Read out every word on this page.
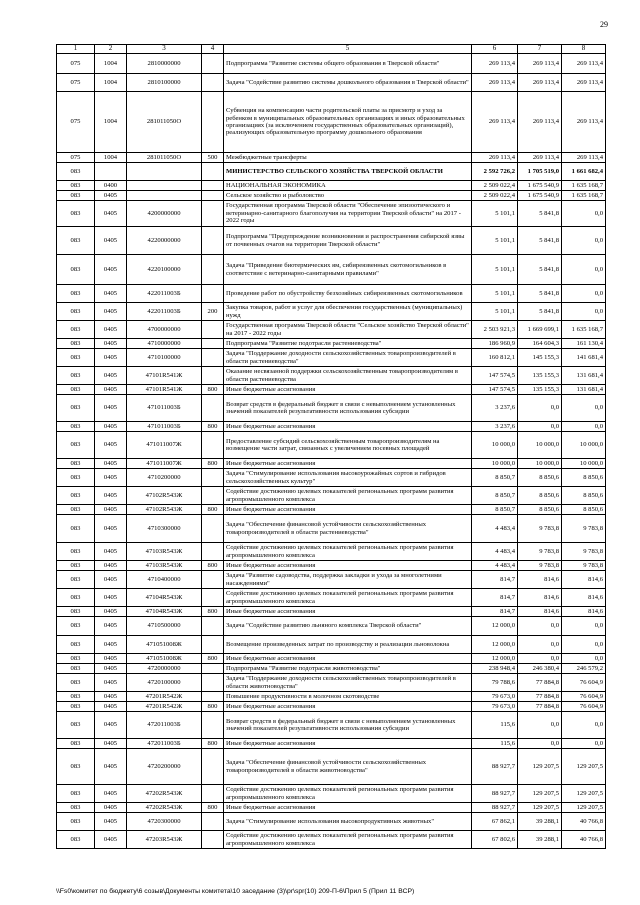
29
1	2	3	4	5	6	7	8
075	1004	2810000000		Подпрограмма "Развитие системы общего образования в Тверской области"	269 113,4	269 113,4	269 113,4
075	1004	2810100000		Задача "Содействие развитию системы дошкольного образования в Тверской области"	269 113,4	269 113,4	269 113,4
075	1004	281011050О		Субвенция на компенсацию части родительской платы за присмотр и уход за ребенком в муниципальных образовательных организациях и иных образовательных организациях (за исключением государственных образовательных организаций), реализующих образовательную программу дошкольного образования	269 113,4	269 113,4	269 113,4
075	1004	281011050О	500	Межбюджетные трансферты	269 113,4	269 113,4	269 113,4
083				МИНИСТЕРСТВО СЕЛЬСКОГО ХОЗЯЙСТВА ТВЕРСКОЙ ОБЛАСТИ	2 592 726,2	1 705 519,0	1 661 682,4
083	0400			НАЦИОНАЛЬНАЯ ЭКОНОМИКА	2 509 022,4	1 675 540,9	1 635 168,7
083	0405			Сельское хозяйство и рыболовство	2 509 022,4	1 675 540,9	1 635 168,7
083	0405	4200000000		Государственная программа Тверской области "Обеспечение эпизоотического и ветеринарно-санитарного благополучия на территории Тверской области" на 2017 - 2022 годы	5 101,1	5 841,8	0,0
083	0405	4220000000		Подпрограмма "Предупреждение возникновения и распространения сибирской язвы от почвенных очагов на территории Тверской области"	5 101,1	5 841,8	0,0
083	0405	4220100000		Задача "Приведение биотермических ям, сибиреязвенных скотомогильников в соответствие с ветеринарно-санитарными правилами"	5 101,1	5 841,8	0,0
083	0405	422011003Б		Проведение работ по обустройству безхозяйных сибиреязвенных скотомогильников	5 101,1	5 841,8	0,0
083	0405	422011003Б	200	Закупка товаров, работ и услуг для обеспечения государственных (муниципальных) нужд	5 101,1	5 841,8	0,0
083	0405	4700000000		Государственная программа Тверской области "Сельское хозяйство Тверской области" на 2017 - 2022 годы	2 503 921,3	1 669 699,1	1 635 168,7
083	0405	4710000000		Подпрограмма "Развитие подотрасли растениеводства"	186 960,9	164 604,3	161 130,4
083	0405	4710100000		Задача "Поддержание доходности сельскохозяйственных товаропроизводителей в области растениеводства"	160 812,1	145 155,3	141 681,4
083	0405	47101R541Ж		Оказание несвязанной поддержки сельскохозяйственным товаропроизводителям в области растениеводства	147 574,5	135 155,3	131 681,4
083	0405	47101R541Ж	800	Иные бюджетные ассигнования	147 574,5	135 155,3	131 681,4
083	0405	471011003Б		Возврат средств в федеральный бюджет в связи с невыполнением установленных значений показателей результативности использования субсидии	3 237,6	0,0	0,0
083	0405	471011003Б	800	Иные бюджетные ассигнования	3 237,6	0,0	0,0
083	0405	471011007Ж		Предоставление субсидий сельскохозяйственным товаропроизводителям на возмещение части затрат, связанных с увеличением посевных площадей	10 000,0	10 000,0	10 000,0
083	0405	471011007Ж	800	Иные бюджетные ассигнования	10 000,0	10 000,0	10 000,0
083	0405	4710200000		Задача "Стимулирование использования высокоурожайных сортов и гибридов сельскохозяйственных культур"	8 850,7	8 850,6	8 850,6
083	0405	47102R543Ж		Содействие достижению целевых показателей региональных программ развития агропромышленного комплекса	8 850,7	8 850,6	8 850,6
083	0405	47102R543Ж	800	Иные бюджетные ассигнования	8 850,7	8 850,6	8 850,6
083	0405	4710300000		Задача "Обеспечение финансовой устойчивости сельскохозяйственных товаропроизводителей в области растениеводства"	4 483,4	9 783,8	9 783,8
083	0405	47103R543Ж		Содействие достижению целевых показателей региональных программ развития агропромышленного комплекса	4 483,4	9 783,8	9 783,8
083	0405	47103R543Ж	800	Иные бюджетные ассигнования	4 483,4	9 783,8	9 783,8
083	0405	4710400000		Задача "Развитие садоводства, поддержка закладки и ухода за многолетними насаждениями"	814,7	814,6	814,6
083	0405	47104R543Ж		Содействие достижению целевых показателей региональных программ развития агропромышленного комплекса	814,7	814,6	814,6
083	0405	47104R543Ж	800	Иные бюджетные ассигнования	814,7	814,6	814,6
083	0405	4710500000		Задача "Содействие развитию льняного комплекса Тверской области"	12 000,0	0,0	0,0
083	0405	471051008Ж		Возмещение произведенных затрат по производству и реализации льноволокна	12 000,0	0,0	0,0
083	0405	471051008Ж	800	Иные бюджетные ассигнования	12 000,0	0,0	0,0
083	0405	4720000000		Подпрограмма "Развитие подотрасли животноводства"	238 948,4	246 380,4	246 579,2
083	0405	4720100000		Задача "Поддержание доходности сельскохозяйственных товаропроизводителей в области животноводства"	79 788,6	77 884,8	76 604,9
083	0405	47201R542Ж		Повышение продуктивности в молочном скотоводстве	79 673,0	77 884,8	76 604,9
083	0405	47201R542Ж	800	Иные бюджетные ассигнования	79 673,0	77 884,8	76 604,9
083	0405	472011003Б		Возврат средств в федеральный бюджет в связи с невыполнением установленных значений показателей результативности использования субсидии	115,6	0,0	0,0
083	0405	472011003Б	800	Иные бюджетные ассигнования	115,6	0,0	0,0
083	0405	4720200000		Задача "Обеспечение финансовой устойчивости сельскохозяйственных товаропроизводителей в области животноводства"	88 927,7	129 207,5	129 207,5
083	0405	47202R543Ж		Содействие достижению целевых показателей региональных программ развития агропромышленного комплекса	88 927,7	129 207,5	129 207,5
083	0405	47202R543Ж	800	Иные бюджетные ассигнования	88 927,7	129 207,5	129 207,5
083	0405	4720300000		Задача "Стимулирование использования высокопродуктивных животных"	67 862,1	39 288,1	40 766,8
083	0405	47203R543Ж		Содействие достижению целевых показателей региональных программ развития агропромышленного комплекса	67 802,6	39 288,1	40 766,8
\\Fs0\комитет по бюджету\6 созыв\Документы комитета\10 заседание (3)\pr\spr(10) 209-П-6\Прил 5 (Прил 11 ВСР)
